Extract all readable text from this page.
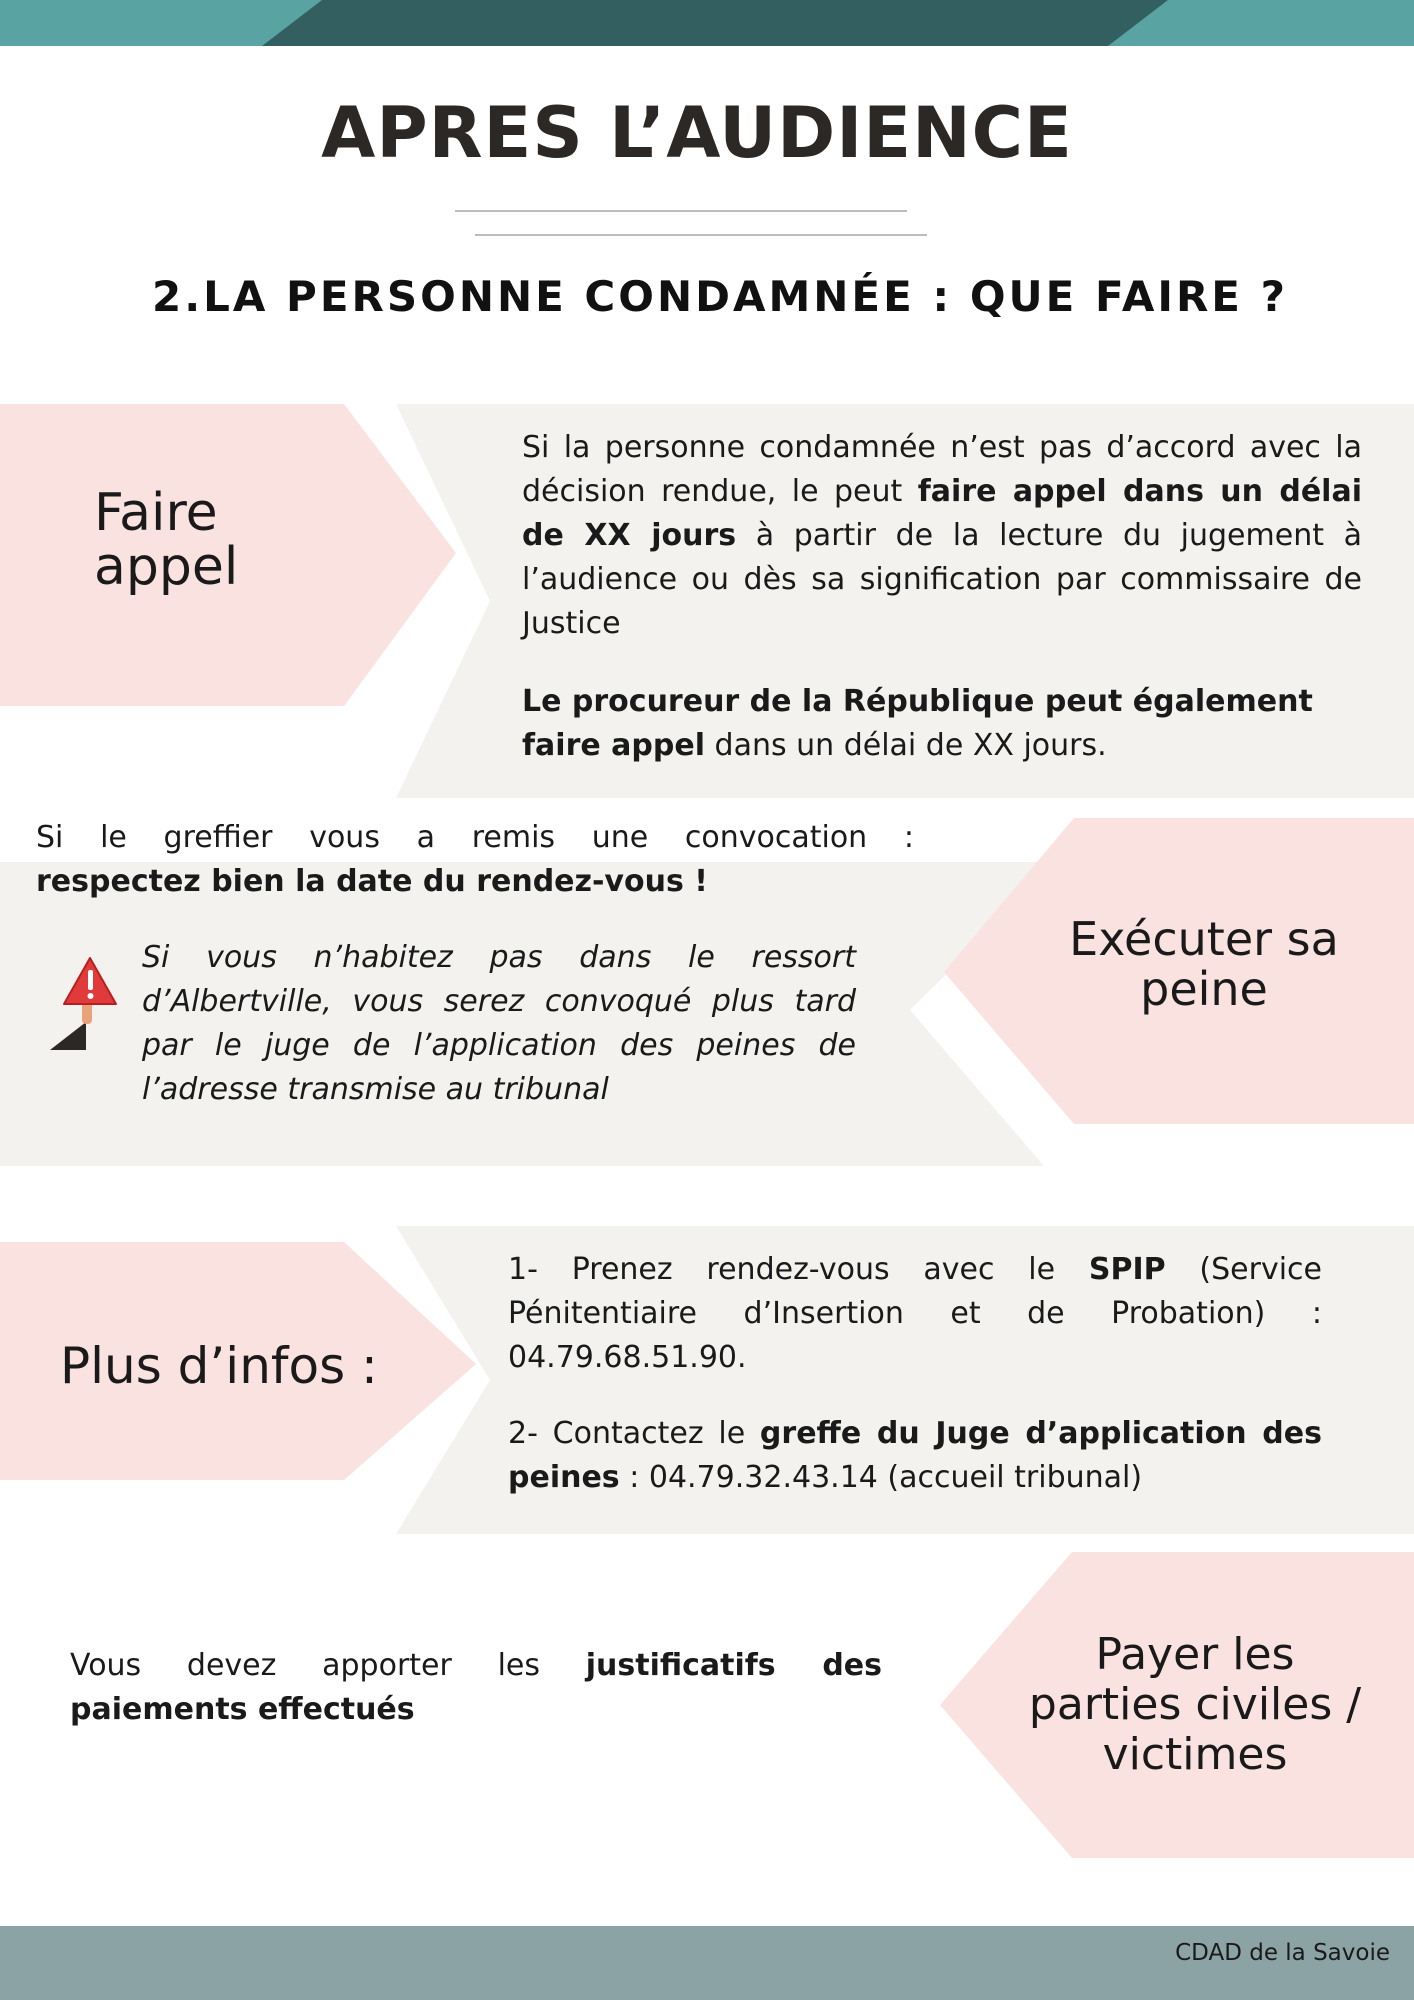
APRES L’AUDIENCE
2.LA PERSONNE CONDAMNÉE : QUE FAIRE ?
Faire
appel

Si la personne condamnée n’est pas d’accord avec la décision rendue, le peut faire appel dans un délai de XX jours à partir de la lecture du jugement à l’audience ou dès sa signification par commissaire de Justice

Le procureur de la République peut également faire appel dans un délai de XX jours.

Si le greffier vous a remis une convocation :

respectez bien la date du rendez-vous !

Si vous n’habitez pas dans le ressort d’Albertville, vous serez convoqué plus tard par le juge de l’application des peines de l’adresse transmise au tribunal

Exécuter sa
peine
Plus d’infos :

1- Prenez rendez-vous avec le SPIP (Service Pénitentiaire d’Insertion et de Probation) : 04.79.68.51.90.

2- Contactez le greffe du Juge d’application des peines : 04.79.32.43.14 (accueil tribunal)

Vous devez apporter les justificatifs des paiements effectués

Payer les
parties civiles /
victimes
CDAD de la Savoie
